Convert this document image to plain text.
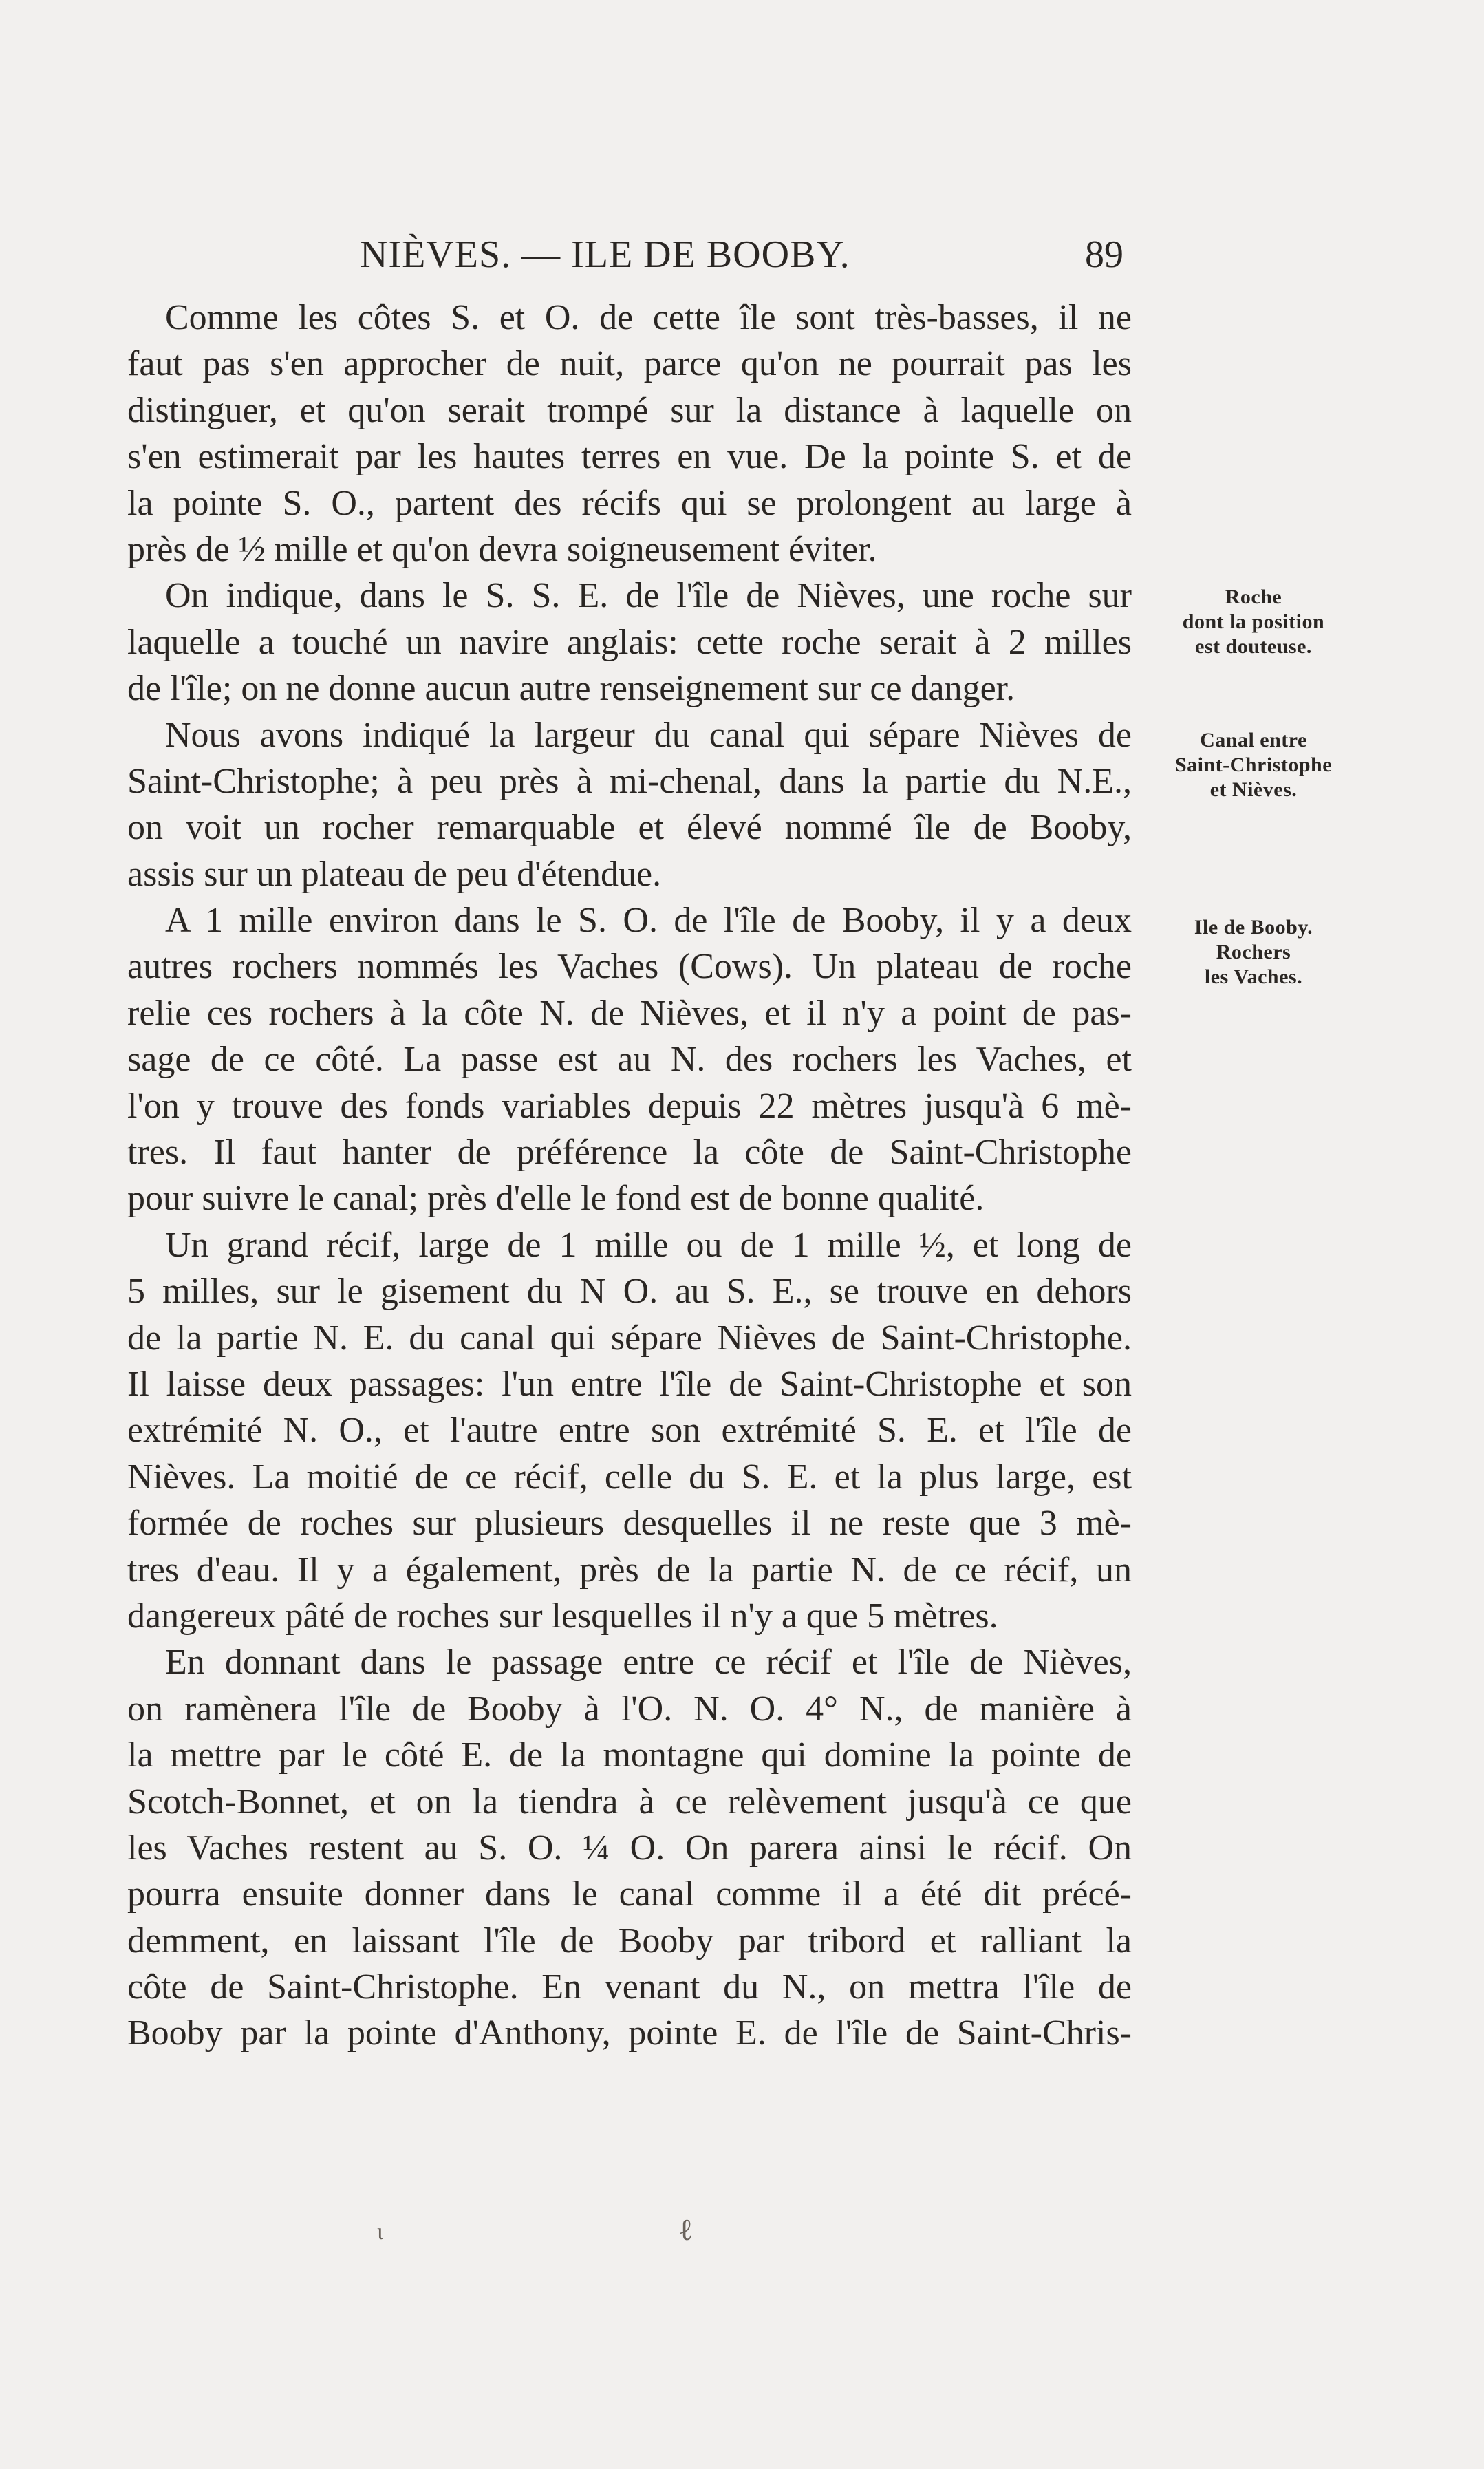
NIÈVES. — ILE DE BOOBY.	89
Comme les côtes S. et O. de cette île sont très-basses, il ne
faut pas s'en approcher de nuit, parce qu'on ne pourrait pas les
distinguer, et qu'on serait trompé sur la distance à laquelle on
s'en estimerait par les hautes terres en vue. De la pointe S. et de
la pointe S. O., partent des récifs qui se prolongent au large à
près de ½ mille et qu'on devra soigneusement éviter.
On indique, dans le S. S. E. de l'île de Nièves, une roche sur
laquelle a touché un navire anglais: cette roche serait à 2 milles
de l'île; on ne donne aucun autre renseignement sur ce danger.
Nous avons indiqué la largeur du canal qui sépare Nièves de
Saint-Christophe; à peu près à mi-chenal, dans la partie du N.E.,
on voit un rocher remarquable et élevé nommé île de Booby,
assis sur un plateau de peu d'étendue.
A 1 mille environ dans le S. O. de l'île de Booby, il y a deux
autres rochers nommés les Vaches (Cows). Un plateau de roche
relie ces rochers à la côte N. de Nièves, et il n'y a point de pas-
sage de ce côté. La passe est au N. des rochers les Vaches, et
l'on y trouve des fonds variables depuis 22 mètres jusqu'à 6 mè-
tres. Il faut hanter de préférence la côte de Saint-Christophe
pour suivre le canal; près d'elle le fond est de bonne qualité.
Un grand récif, large de 1 mille ou de 1 mille ½, et long de
5 milles, sur le gisement du N O. au S. E., se trouve en dehors
de la partie N. E. du canal qui sépare Nièves de Saint-Christophe.
Il laisse deux passages: l'un entre l'île de Saint-Christophe et son
extrémité N. O., et l'autre entre son extrémité S. E. et l'île de
Nièves. La moitié de ce récif, celle du S. E. et la plus large, est
formée de roches sur plusieurs desquelles il ne reste que 3 mè-
tres d'eau. Il y a également, près de la partie N. de ce récif, un
dangereux pâté de roches sur lesquelles il n'y a que 5 mètres.
En donnant dans le passage entre ce récif et l'île de Nièves,
on ramènera l'île de Booby à l'O. N. O. 4° N., de manière à
la mettre par le côté E. de la montagne qui domine la pointe de
Scotch-Bonnet, et on la tiendra à ce relèvement jusqu'à ce que
les Vaches restent au S. O. ¼ O. On parera ainsi le récif. On
pourra ensuite donner dans le canal comme il a été dit précé-
demment, en laissant l'île de Booby par tribord et ralliant la
côte de Saint-Christophe. En venant du N., on mettra l'île de
Booby par la pointe d'Anthony, pointe E. de l'île de Saint-Chris-
Roche
dont la position
est douteuse.
Canal entre
Saint-Christophe
et Nièves.
Ile de Booby.
Rochers
les Vaches.
ɩ	ℓ
